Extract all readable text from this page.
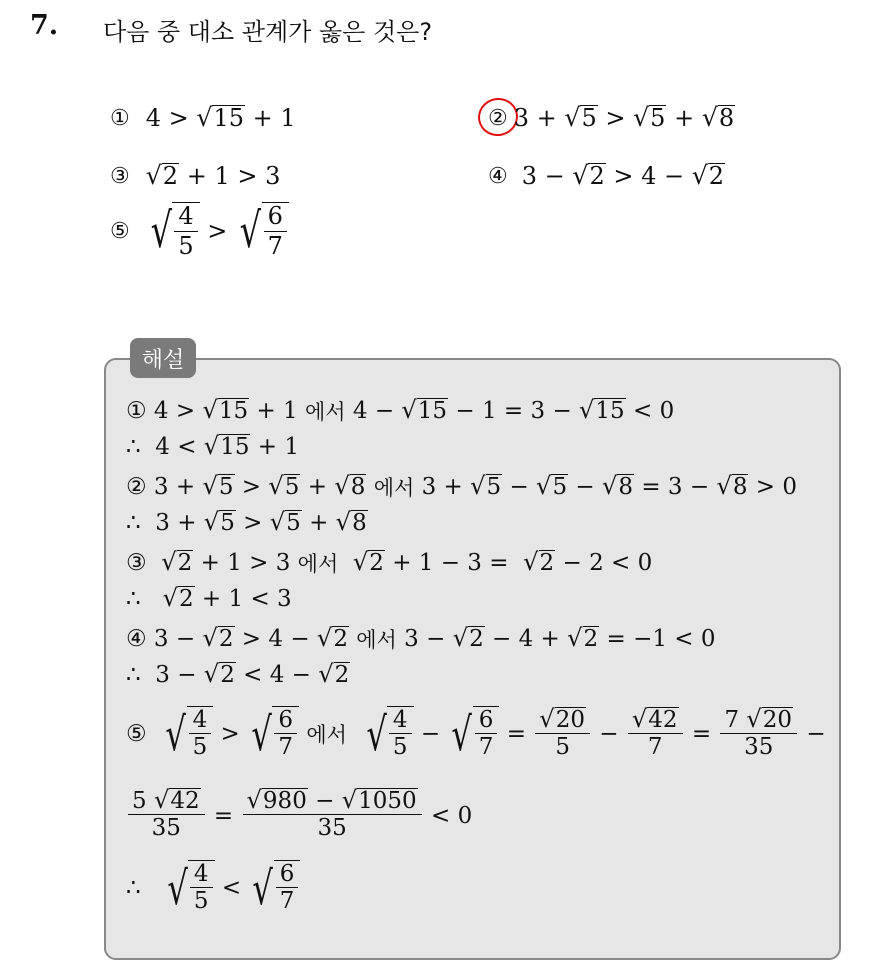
7. 다음 중 대소 관계가 옳은 것은?
① 4 > √ 15 + 1	② 3 + √ 5 > √ 5 + √ 8
③ √ 2 + 1 > 3	④ 3 − √ 2 > 4 − √ 2
⑤ √ $\frac{4}{5}$ > √ $\frac{6}{7}$
해설
① 4 > √ 15 + 1 에서 4 − √ 15 − 1 = 3 − √ 15 < 0
∴ 4 < √ 15 + 1
② 3 + √ 5 > √ 5 + √ 8
에서 3 + √ 5 − √ 5 − √ 8 = 3 − √ 8 > 0
∴ 3 + √ 5 > √ 5 + √ 8
③ √ 2 + 1 > 3 에서
√ 2 + 1 − 3 = √ 2 − 2 < 0
∴
√ 2 + 1 < 3
④ 3 − √ 2 > 4 − √ 2
에서 3 − √ 2 − 4 + √ 2 = −1 < 0
∴ 3 − √ 2 < 4 − √ 2
⑤ √ $\frac{4}{5}$ > √ $\frac{6}{7}$
에서
√ $\frac{4}{5}$ − √ $\frac{6}{7} = \frac{√ 20}{5} - \frac{√ 42}{7} = \frac{7 √ 20}{35}$ −
$\frac{5 √ 42}{35} = \frac{√ 980 - √ 1050}{35} < 0$
∴
√ $\frac{4}{5}$ < √ $\frac{6}{7}$
